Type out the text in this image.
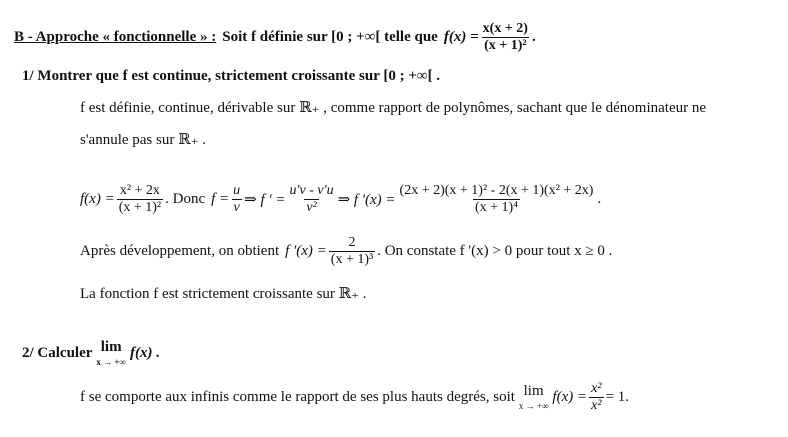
B - Approche « fonctionnelle » : Soit f définie sur [0 ; +∞[ telle que $f(x) = \frac{x(x + 2)}{\text{(x + 1)²}}$ .
1/ Montrer que f est continue, strictement croissante sur [0 ; +∞[ .
f est définie, continue, dérivable sur ℝ₊ , comme rapport de polynômes, sachant que le dénominateur ne
s'annule pas sur ℝ₊ .
$f(x) = \frac{\text{x² + 2x}}{\text{(x + 1)²}}$ . Donc $f = \frac{u}{v}$ ⇒ f ' = $\frac{u'v - v'u}{\text{v²}}$ ⇒ f '$(x) = \frac{\text{(2x + 2)(x + 1)² - 2(x + 1)(x² + 2x)}}{\text{(x + 1)⁴}}$ .
Après développement, on obtient f '$(x) = \frac{2}{\text{(x + 1)³}}$ . On constate f '(x) > 0 pour tout x ≥ 0 .
La fonction f est strictement croissante sur ℝ₊ .
2/ Calculer lim
x → +∞
f(x) .
f se comporte aux infinis comme le rapport de ses plus hauts degrés, soit lim
x → +∞
$f(x) = \frac{\text{x²}}{\text{x²}} = 1$.
